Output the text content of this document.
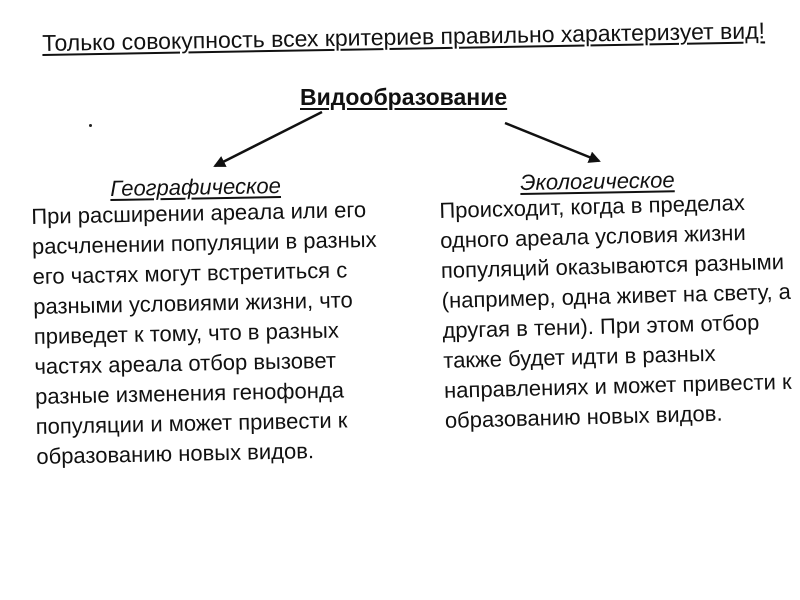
Только совокупность всех критериев правильно характеризует вид!
Видообразование
Географическое

При расширении ареала или его расчленении популяции в разных его частях могут встретиться с разными условиями жизни, что приведет к тому, что в разных частях ареала отбор вызовет разные изменения генофонда популяции и может привести к образованию новых видов.

Экологическое

Происходит, когда в пределах одного ареала условия жизни популяций оказываются разными (например, одна живет на свету, а другая в тени). При этом отбор также будет идти в разных направлениях и может привести к образованию новых видов.
